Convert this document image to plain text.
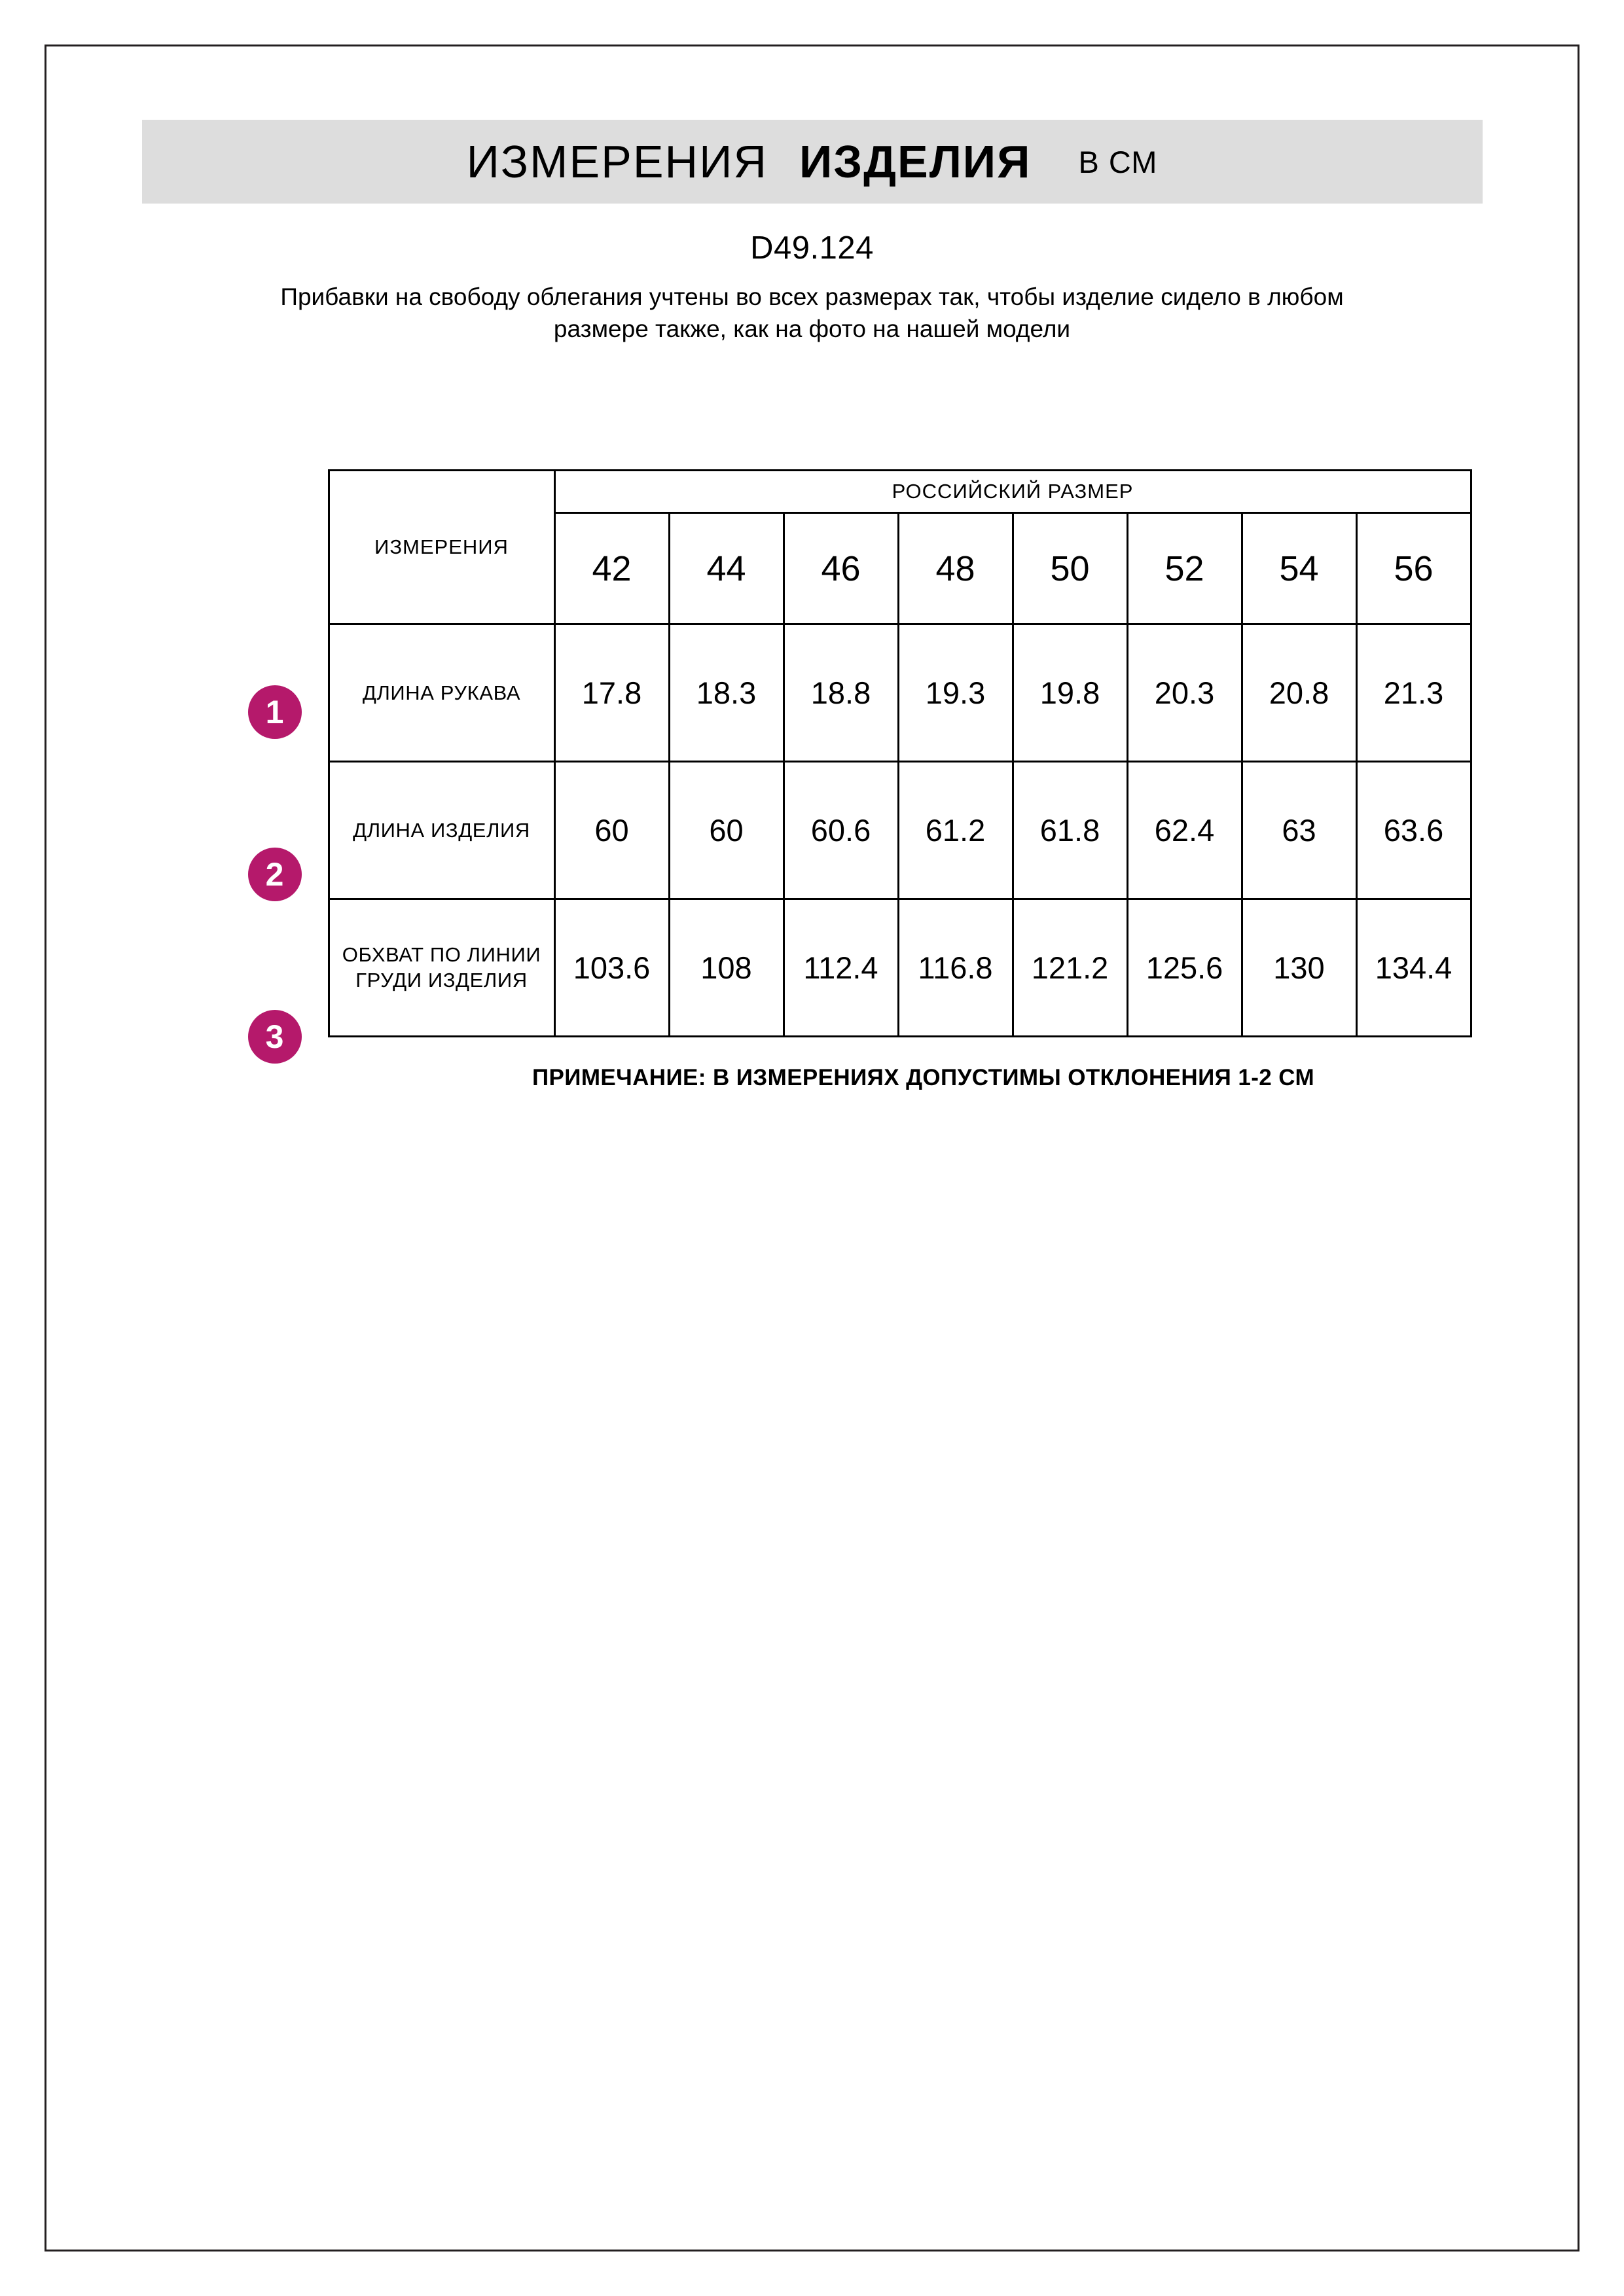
ИЗМЕРЕНИЯ ИЗДЕЛИЯ	В СМ
D49.124
Прибавки на свободу облегания учтены во всех размерах так, чтобы изделие сидело в любом размере также, как на фото на нашей модели
1
2
3
ИЗМЕРЕНИЯ	РОССИЙСКИЙ РАЗМЕР							
	42	44	46	48	50	52	54	56
ДЛИНА РУКАВА	17.8	18.3	18.8	19.3	19.8	20.3	20.8	21.3
ДЛИНА ИЗДЕЛИЯ	60	60	60.6	61.2	61.8	62.4	63	63.6
ОБХВАТ ПО ЛИНИИ ГРУДИ ИЗДЕЛИЯ	103.6	108	112.4	116.8	121.2	125.6	130	134.4
ПРИМЕЧАНИЕ: В ИЗМЕРЕНИЯХ ДОПУСТИМЫ ОТКЛОНЕНИЯ 1-2 СМ
